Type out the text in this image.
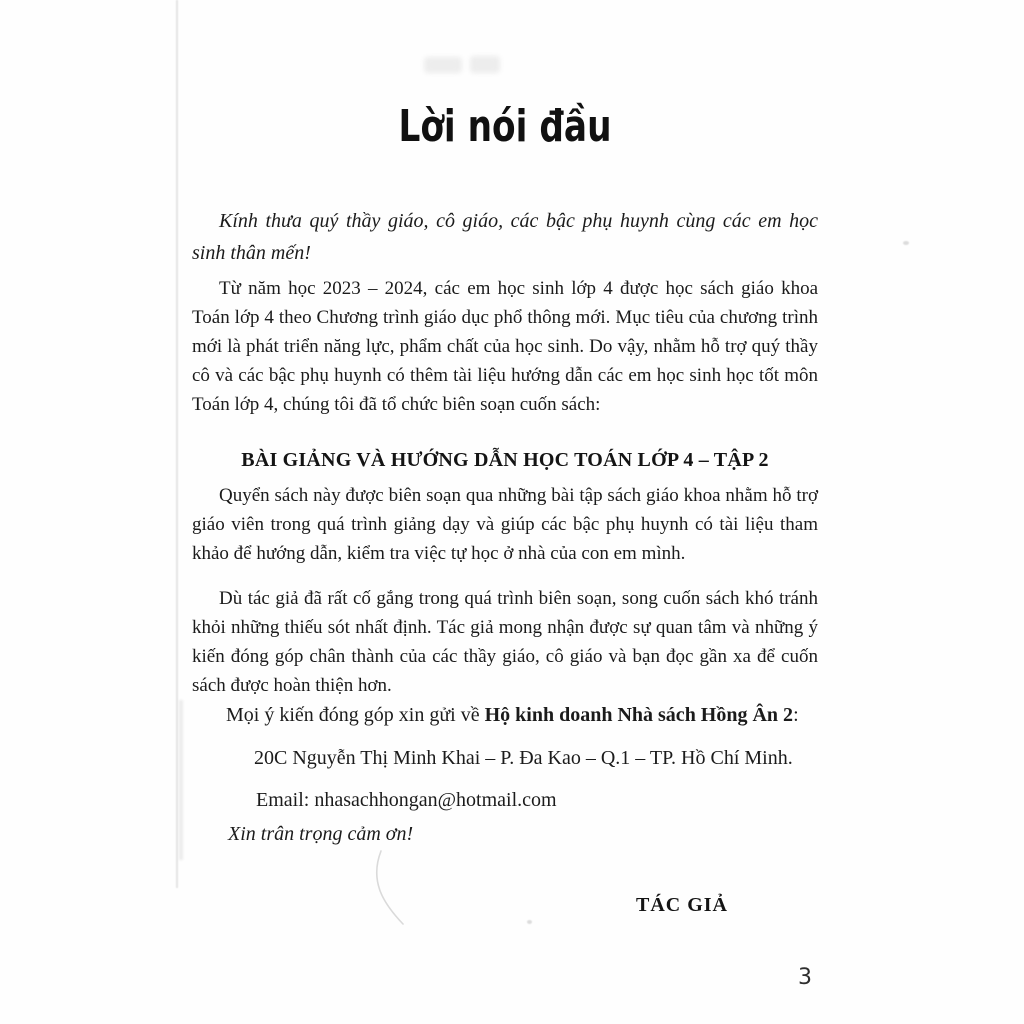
Lời nói đầu
Kính thưa quý thầy giáo, cô giáo, các bậc phụ huynh cùng các em học sinh thân mến!
Từ năm học 2023 – 2024, các em học sinh lớp 4 được học sách giáo khoa Toán lớp 4 theo Chương trình giáo dục phổ thông mới. Mục tiêu của chương trình mới là phát triển năng lực, phẩm chất của học sinh. Do vậy, nhằm hỗ trợ quý thầy cô và các bậc phụ huynh có thêm tài liệu hướng dẫn các em học sinh học tốt môn Toán lớp 4, chúng tôi đã tổ chức biên soạn cuốn sách:
BÀI GIẢNG VÀ HƯỚNG DẪN HỌC TOÁN LỚP 4 – TẬP 2
Quyển sách này được biên soạn qua những bài tập sách giáo khoa nhằm hỗ trợ giáo viên trong quá trình giảng dạy và giúp các bậc phụ huynh có tài liệu tham khảo để hướng dẫn, kiểm tra việc tự học ở nhà của con em mình.
Dù tác giả đã rất cố gắng trong quá trình biên soạn, song cuốn sách khó tránh khỏi những thiếu sót nhất định. Tác giả mong nhận được sự quan tâm và những ý kiến đóng góp chân thành của các thầy giáo, cô giáo và bạn đọc gần xa để cuốn sách được hoàn thiện hơn.
Mọi ý kiến đóng góp xin gửi về Hộ kinh doanh Nhà sách Hồng Ân 2:
20C Nguyễn Thị Minh Khai – P. Đa Kao – Q.1 – TP. Hồ Chí Minh.
Email: nhasachhongan@hotmail.com
Xin trân trọng cảm ơn!
TÁC GIẢ
3
